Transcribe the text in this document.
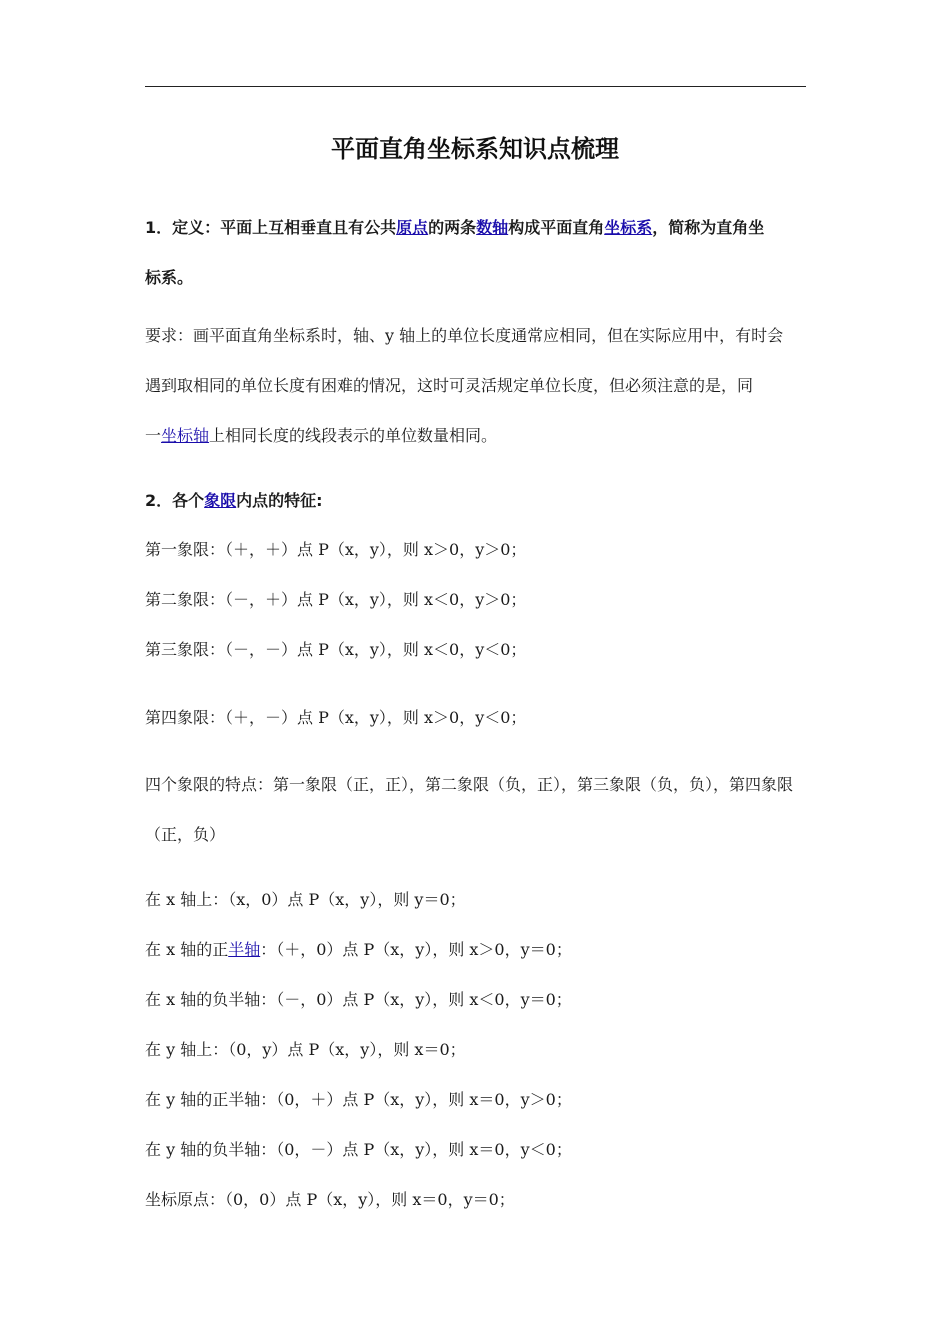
平面直角坐标系知识点梳理
1．定义：平面上互相垂直且有公共原点的两条数轴构成平面直角坐标系，简称为直角坐
标系。
要求：画平面直角坐标系时，轴、y 轴上的单位长度通常应相同，但在实际应用中，有时会
遇到取相同的单位长度有困难的情况，这时可灵活规定单位长度，但必须注意的是，同
一坐标轴上相同长度的线段表示的单位数量相同。
2．各个象限内点的特征:
第一象限：（＋，＋）点 P（x，y），则 x＞0，y＞0；
第二象限：（－，＋）点 P（x，y），则 x＜0，y＞0；
第三象限：（－，－）点 P（x，y），则 x＜0，y＜0；
第四象限：（＋，－）点 P（x，y），则 x＞0，y＜0；
四个象限的特点：第一象限（正，正），第二象限（负，正），第三象限（负，负），第四象限
（正，负）
在 x 轴上：（x，0）点 P（x，y），则 y＝0；
在 x 轴的正半轴：（＋，0）点 P（x，y），则 x＞0，y＝0；
在 x 轴的负半轴：（－，0）点 P（x，y），则 x＜0，y＝0；
在 y 轴上：（0，y）点 P（x，y），则 x＝0；
在 y 轴的正半轴：（0，＋）点 P（x，y），则 x＝0，y＞0；
在 y 轴的负半轴：（0，－）点 P（x，y），则 x＝0，y＜0；
坐标原点：（0，0）点 P（x，y），则 x＝0，y＝0；
